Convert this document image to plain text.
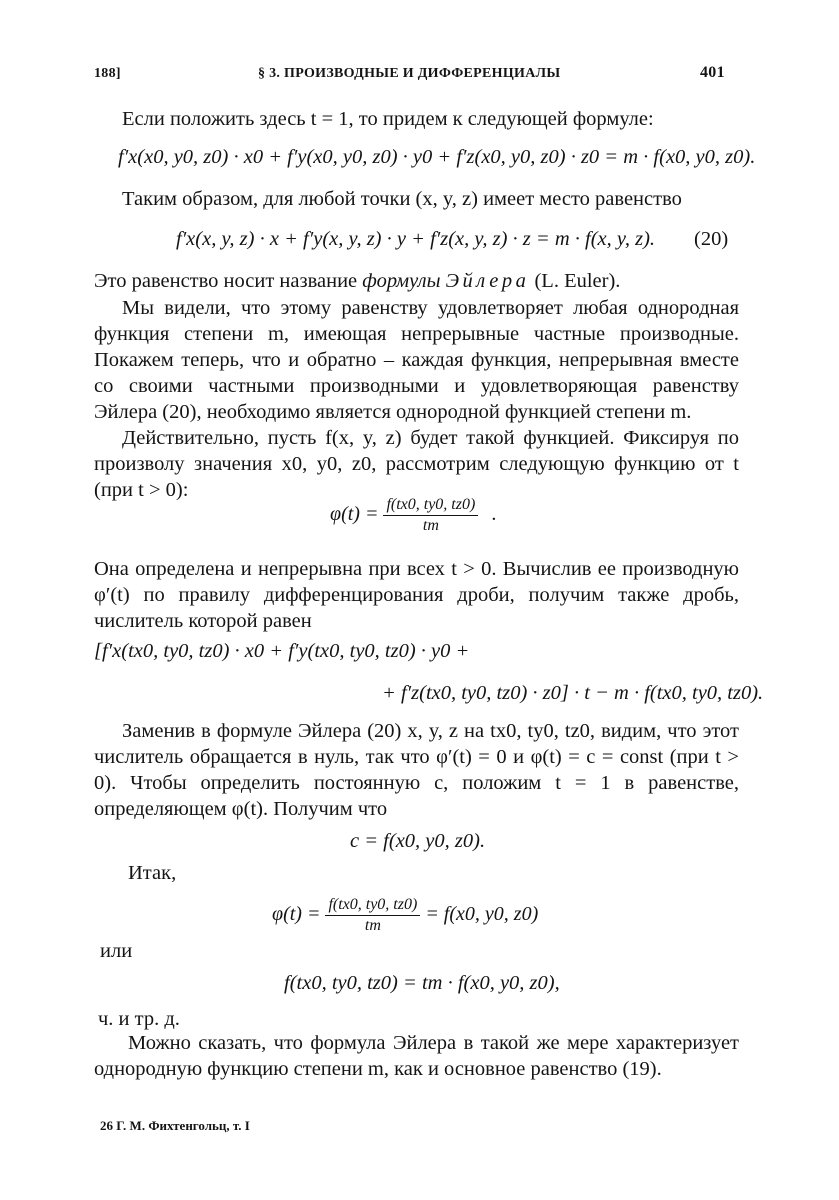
188]	§ 3. ПРОИЗВОДНЫЕ И ДИФФЕРЕНЦИАЛЫ	401
Если положить здесь t = 1, то придем к следующей формуле:
f′x(x0, y0, z0) · x0 + f′y(x0, y0, z0) · y0 + f′z(x0, y0, z0) · z0 = m · f(x0, y0, z0).
Таким образом, для любой точки (x, y, z) имеет место равенство
f′x(x, y, z) · x + f′y(x, y, z) · y + f′z(x, y, z) · z = m · f(x, y, z). (20)
Это равенство носит название формулы Эйлера (L. Euler).
Мы видели, что этому равенству удовлетворяет любая однородная функция степени m, имеющая непрерывные частные производные. Покажем теперь, что и обратно – каждая функция, непрерывная вместе со своими частными производными и удовлетворяющая равенству Эйлера (20), необходимо является однородной функцией степени m.
Действительно, пусть f(x, y, z) будет такой функцией. Фиксируя по произволу значения x0, y0, z0, рассмотрим следующую функцию от t (при t > 0):
$\varphi(t) = \frac{f(tx0, ty0, tz0)}{tm}$ .
Она определена и непрерывна при всех t > 0. Вычислив ее производную φ′(t) по правилу дифференцирования дроби, получим также дробь, числитель которой равен
[f′x(tx0, ty0, tz0) · x0 + f′y(tx0, ty0, tz0) · y0 +
+ f′z(tx0, ty0, tz0) · z0] · t − m · f(tx0, ty0, tz0).
Заменив в формуле Эйлера (20) x, y, z на tx0, ty0, tz0, видим, что этот числитель обращается в нуль, так что φ′(t) = 0 и φ(t) = c = const (при t > 0). Чтобы определить постоянную c, положим t = 1 в равенстве, определяющем φ(t). Получим что
c = f(x0, y0, z0).
Итак,
$\varphi(t) = \frac{f(tx0, ty0, tz0)}{tm} = f(x0$, y0, z0)
или
f(tx0, ty0, tz0) = tm · f(x0, y0, z0),
ч. и тр. д.
Можно сказать, что формула Эйлера в такой же мере характеризует однородную функцию степени m, как и основное равенство (19).
26 Г. М. Фихтенгольц, т. I
